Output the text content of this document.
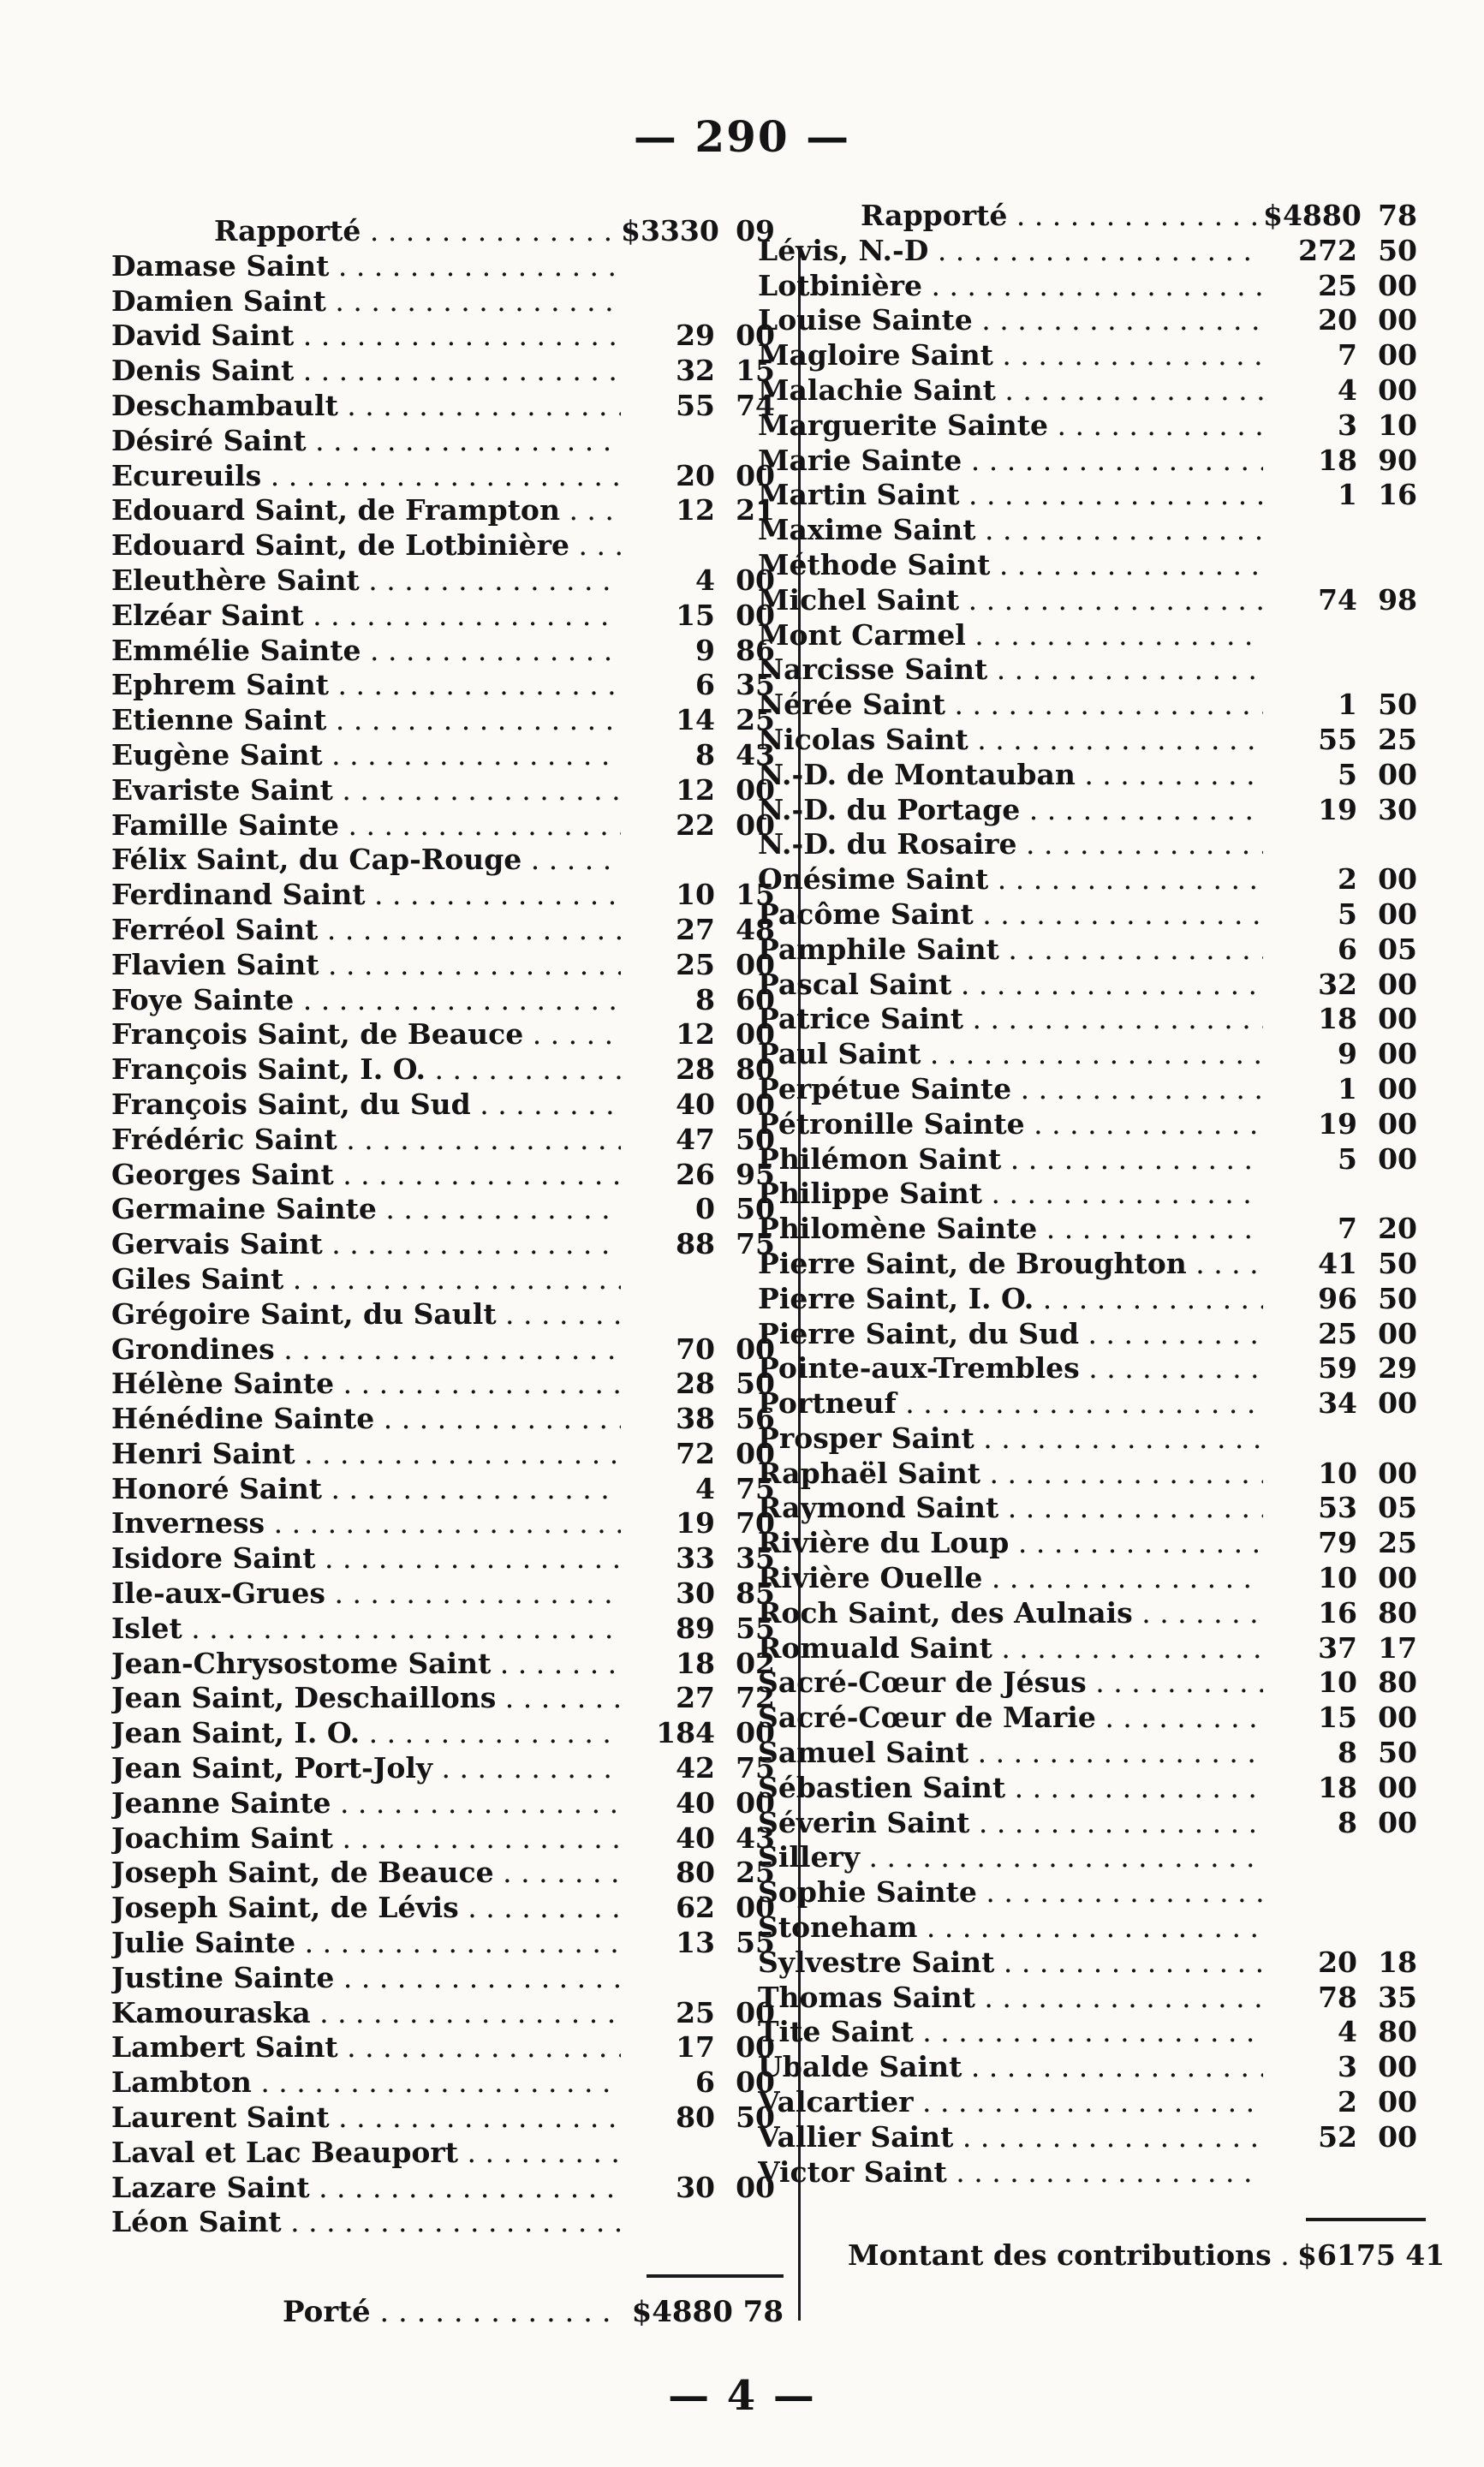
— 290 —
Rapporté . . .	$3330 09
Damase Saint . . .
Damien Saint . . .
David Saint . . .	29 00
Denis Saint . . .	32 15
Deschambault . . .	55 74
Désiré Saint . . .
Ecureuils . . .	20 00
Edouard Saint, de Frampton . . .	12 21
Edouard Saint, de Lotbinière . . .
Eleuthère Saint . . .	4 00
Elzéar Saint . . .	15 00
Emmélie Sainte . . .	9 86
Ephrem Saint . . .	6 35
Etienne Saint . . .	14 25
Eugène Saint . . .	8 43
Evariste Saint . . .	12 00
Famille Sainte . . .	22 00
Félix Saint, du Cap-Rouge . . .
Ferdinand Saint . . .	10 15
Ferréol Saint . . .	27 48
Flavien Saint . . .	25 00
Foye Sainte . . .	8 60
François Saint, de Beauce . . .	12 00
François Saint, I. O. . . .	28 80
François Saint, du Sud . . .	40 00
Frédéric Saint . . .	47 50
Georges Saint . . .	26 95
Germaine Sainte . . .	0 50
Gervais Saint . . .	88 75
Giles Saint . . .
Grégoire Saint, du Sault . . .
Grondines . . .	70 00
Hélène Sainte . . .	28 50
Hénédine Sainte . . .	38 56
Henri Saint . . .	72 00
Honoré Saint . . .	4 75
Inverness . . .	19 70
Isidore Saint . . .	33 35
Ile-aux-Grues . . .	30 85
Islet . . .	89 55
Jean-Chrysostome Saint . . .	18 02
Jean Saint, Deschaillons . . .	27 72
Jean Saint, I. O. . . .	184 00
Jean Saint, Port-Joly . . .	42 75
Jeanne Sainte . . .	40 00
Joachim Saint . . .	40 43
Joseph Saint, de Beauce . . .	80 25
Joseph Saint, de Lévis . . .	62 00
Julie Sainte . . .	13 55
Justine Sainte . . .
Kamouraska . . .	25 00
Lambert Saint . . .	17 00
Lambton . . .	6 00
Laurent Saint . . .	80 50
Laval et Lac Beauport . . .
Lazare Saint . . .	30 00
Léon Saint . . .
Rapporté . . .	$4880 78
Lévis, N.-D . . .	272 50
Lotbinière . . .	25 00
Louise Sainte . . .	20 00
Magloire Saint . . .	7 00
Malachie Saint . . .	4 00
Marguerite Sainte . . .	3 10
Marie Sainte . . .	18 90
Martin Saint . . .	1 16
Maxime Saint . . .
Méthode Saint . . .
Michel Saint . . .	74 98
Mont Carmel . . .
Narcisse Saint . . .
Nérée Saint . . .	1 50
Nicolas Saint . . .	55 25
N.-D. de Montauban . . .	5 00
N.-D. du Portage . . .	19 30
N.-D. du Rosaire . . .
Onésime Saint . . .	2 00
Pacôme Saint . . .	5 00
Pamphile Saint . . .	6 05
Pascal Saint . . .	32 00
Patrice Saint . . .	18 00
Paul Saint . . .	9 00
Perpétue Sainte . . .	1 00
Pétronille Sainte . . .	19 00
Philémon Saint . . .	5 00
Philippe Saint . . .
Philomène Sainte . . .	7 20
Pierre Saint, de Broughton . . .	41 50
Pierre Saint, I. O. . . .	96 50
Pierre Saint, du Sud . . .	25 00
Pointe-aux-Trembles . . .	59 29
Portneuf . . .	34 00
Prosper Saint . . .
Raphaël Saint . . .	10 00
Raymond Saint . . .	53 05
Rivière du Loup . . .	79 25
Rivière Ouelle . . .	10 00
Roch Saint, des Aulnais . . .	16 80
Romuald Saint . . .	37 17
Sacré-Cœur de Jésus . . .	10 80
Sacré-Cœur de Marie . . .	15 00
Samuel Saint . . .	8 50
Sébastien Saint . . .	18 00
Séverin Saint . . .	8 00
Sillery . . .
Sophie Sainte . . .
Stoneham . . .
Sylvestre Saint . . .	20 18
Thomas Saint . . .	78 35
Tite Saint . . .	4 80
Ubalde Saint . . .	3 00
Valcartier . . .	2 00
Vallier Saint . . .	52 00
Victor Saint . . .
Porté . . .	$4880 78
Montant des contributions . . . $6175 41
— 4 —
